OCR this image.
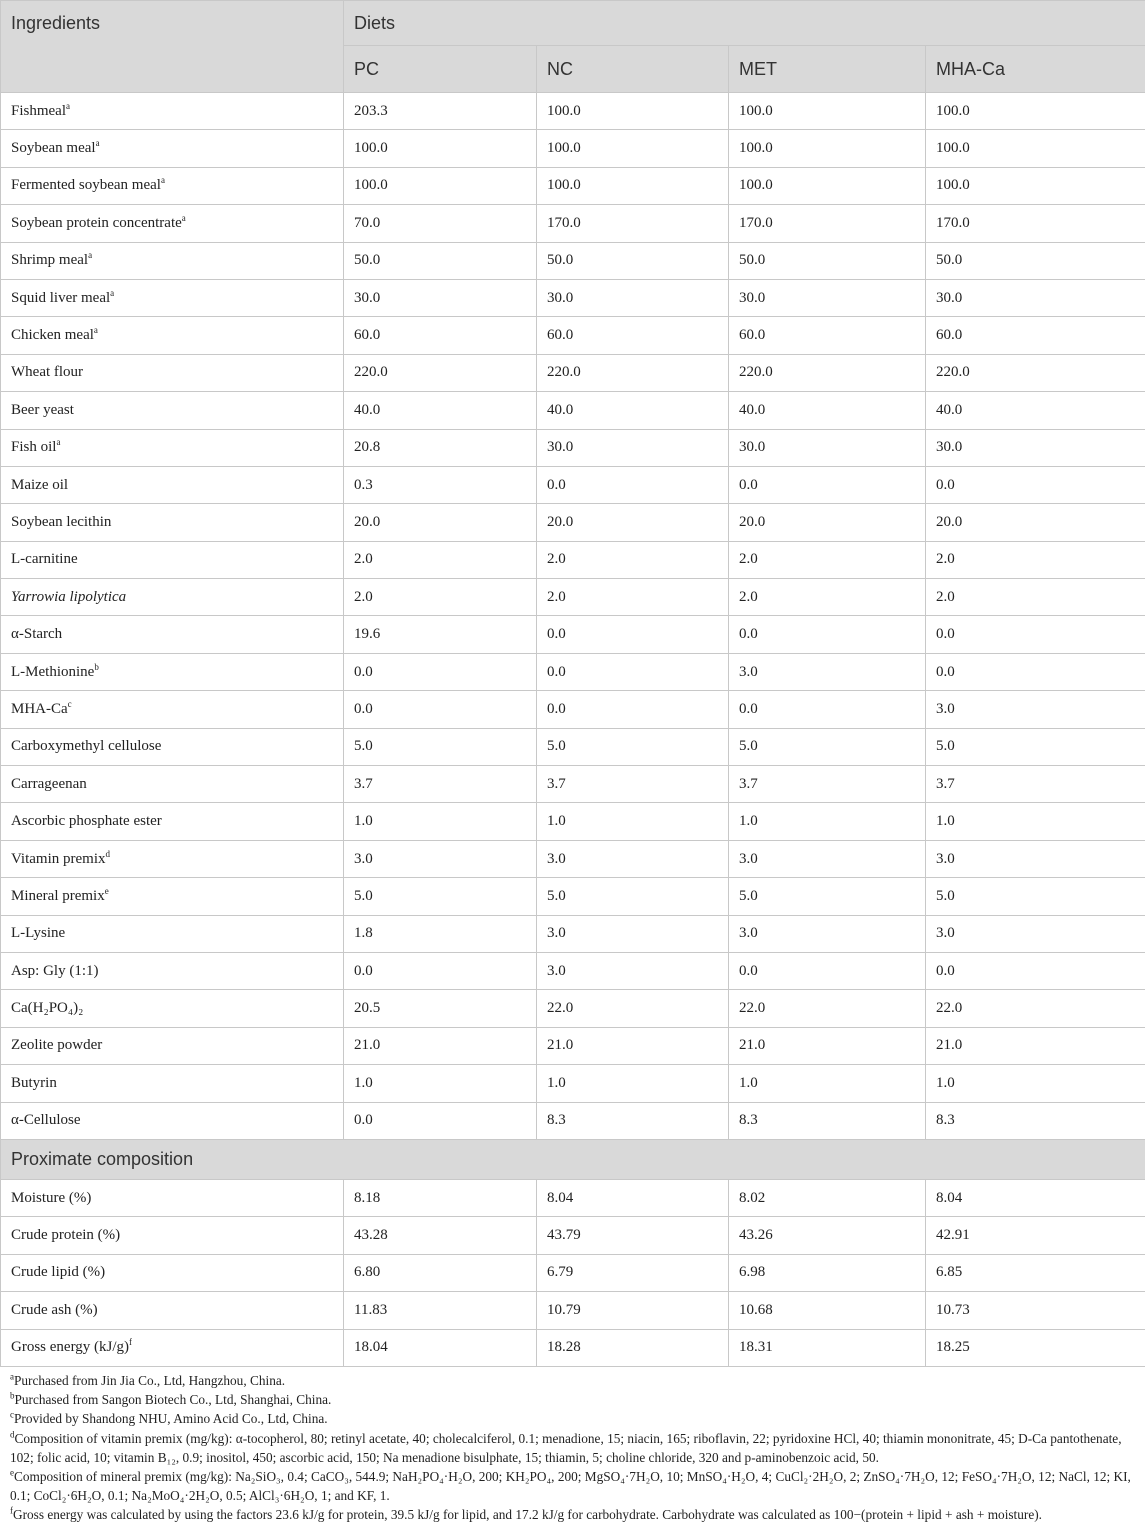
Ingredients	Diets			
	PC	NC	MET	MHA-Ca
Fishmeal$^a$	203.3	100.0	100.0	100.0
Soybean meal$^a$	100.0	100.0	100.0	100.0
Fermented soybean meal$^a$	100.0	100.0	100.0	100.0
Soybean protein concentrate$^a$	70.0	170.0	170.0	170.0
Shrimp meal$^a$	50.0	50.0	50.0	50.0
Squid liver meal$^a$	30.0	30.0	30.0	30.0
Chicken meal$^a$	60.0	60.0	60.0	60.0
Wheat flour	220.0	220.0	220.0	220.0
Beer yeast	40.0	40.0	40.0	40.0
Fish oil$^a$	20.8	30.0	30.0	30.0
Maize oil	0.3	0.0	0.0	0.0
Soybean lecithin	20.0	20.0	20.0	20.0
L-carnitine	2.0	2.0	2.0	2.0
Yarrowia lipolytica	2.0	2.0	2.0	2.0
α-Starch	19.6	0.0	0.0	0.0
L-Methionine$^b$	0.0	0.0	3.0	0.0
MHA-Ca$^c$	0.0	0.0	0.0	3.0
Carboxymethyl cellulose	5.0	5.0	5.0	5.0
Carrageenan	3.7	3.7	3.7	3.7
Ascorbic phosphate ester	1.0	1.0	1.0	1.0
Vitamin premix$^d$	3.0	3.0	3.0	3.0
Mineral premix$^e$	5.0	5.0	5.0	5.0
L-Lysine	1.8	3.0	3.0	3.0
Asp: Gly (1:1)	0.0	3.0	0.0	0.0
Ca(H₂PO₄)₂	20.5	22.0	22.0	22.0
Zeolite powder	21.0	21.0	21.0	21.0
Butyrin	1.0	1.0	1.0	1.0
α-Cellulose	0.0	8.3	8.3	8.3
Proximate composition				
Moisture (%)	8.18	8.04	8.02	8.04
Crude protein (%)	43.28	43.79	43.26	42.91
Crude lipid (%)	6.80	6.79	6.98	6.85
Crude ash (%)	11.83	10.79	10.68	10.73
Gross energy $(kJ/g)^f$	18.04	18.28	18.31	18.25

$^a$Purchased from Jin Jia Co., Ltd, Hangzhou, China.

$^b$Purchased from Sangon Biotech Co., Ltd, Shanghai, China.

$^c$Provided by Shandong NHU, Amino Acid Co., Ltd, China.

$^d$Composition of vitamin premix (mg/kg): α-tocopherol, 80; retinyl acetate, 40; cholecalciferol, 0.1; menadione, 15; niacin, 165; riboflavin, 22; pyridoxine HCl, 40; thiamin mononitrate, 45; D-Ca pantothenate, 102; folic acid, 10; vitamin B₁₂, 0.9; inositol, 450; ascorbic acid, 150; Na menadione bisulphate, 15; thiamin, 5; choline chloride, 320 and p-aminobenzoic acid, 50.

$^e$Composition of mineral premix (mg/kg): Na₂SiO₃, 0.4; CaCO₃, 544.9; NaH₂PO₄·H₂O, 200; KH₂PO₄, 200; MgSO₄·7H₂O, 10; MnSO₄·H₂O, 4; CuCl₂·2H₂O, 2; ZnSO₄·7H₂O, 12; FeSO₄·7H₂O, 12; NaCl, 12; KI, 0.1; CoCl₂·6H₂O, 0.1; Na₂MoO₄·2H₂O, 0.5; AlCl₃·6H₂O, 1; and KF, 1.

$^f$Gross energy was calculated by using the factors 23.6 kJ/g for protein, 39.5 kJ/g for lipid, and 17.2 kJ/g for carbohydrate. Carbohydrate was calculated as 100−(protein + lipid + ash + moisture).
